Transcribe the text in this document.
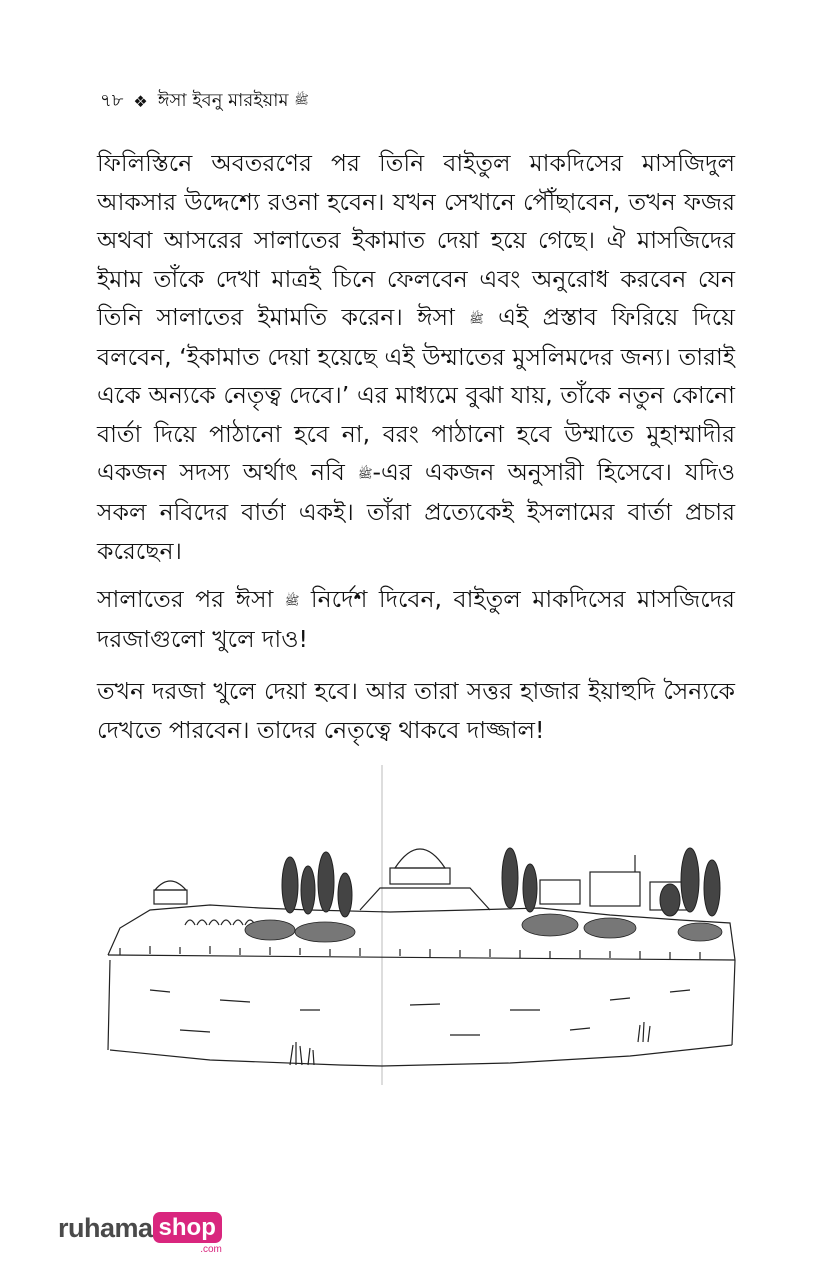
৭৮ ❖ ঈসা ইবনু মারইয়াম ﷺ
ফিলিস্তিনে অবতরণের পর তিনি বাইতুল মাকদিসের মাসজিদুল আকসার উদ্দেশ্যে রওনা হবেন। যখন সেখানে পৌঁছাবেন, তখন ফজর অথবা আসরের সালাতের ইকামাত দেয়া হয়ে গেছে। ঐ মাসজিদের ইমাম তাঁকে দেখা মাত্রই চিনে ফেলবেন এবং অনুরোধ করবেন যেন তিনি সালাতের ইমামতি করেন। ঈসা ﷺ এই প্রস্তাব ফিরিয়ে দিয়ে বলবেন, ‘ইকামাত দেয়া হয়েছে এই উম্মাতের মুসলিমদের জন্য। তারাই একে অন্যকে নেতৃত্ব দেবে।’ এর মাধ্যমে বুঝা যায়, তাঁকে নতুন কোনো বার্তা দিয়ে পাঠানো হবে না, বরং পাঠানো হবে উম্মাতে মুহাম্মাদীর একজন সদস্য অর্থাৎ নবি ﷺ-এর একজন অনুসারী হিসেবে। যদিও সকল নবিদের বার্তা একই। তাঁরা প্রত্যেকেই ইসলামের বার্তা প্রচার করেছেন।
সালাতের পর ঈসা ﷺ নির্দেশ দিবেন, বাইতুল মাকদিসের মাসজিদের দরজাগুলো খুলে দাও!
তখন দরজা খুলে দেয়া হবে। আর তারা সত্তর হাজার ইয়াহুদি সৈন্যকে দেখতে পারবেন। তাদের নেতৃত্বে থাকবে দাজ্জাল!
ruhama shop
.com
